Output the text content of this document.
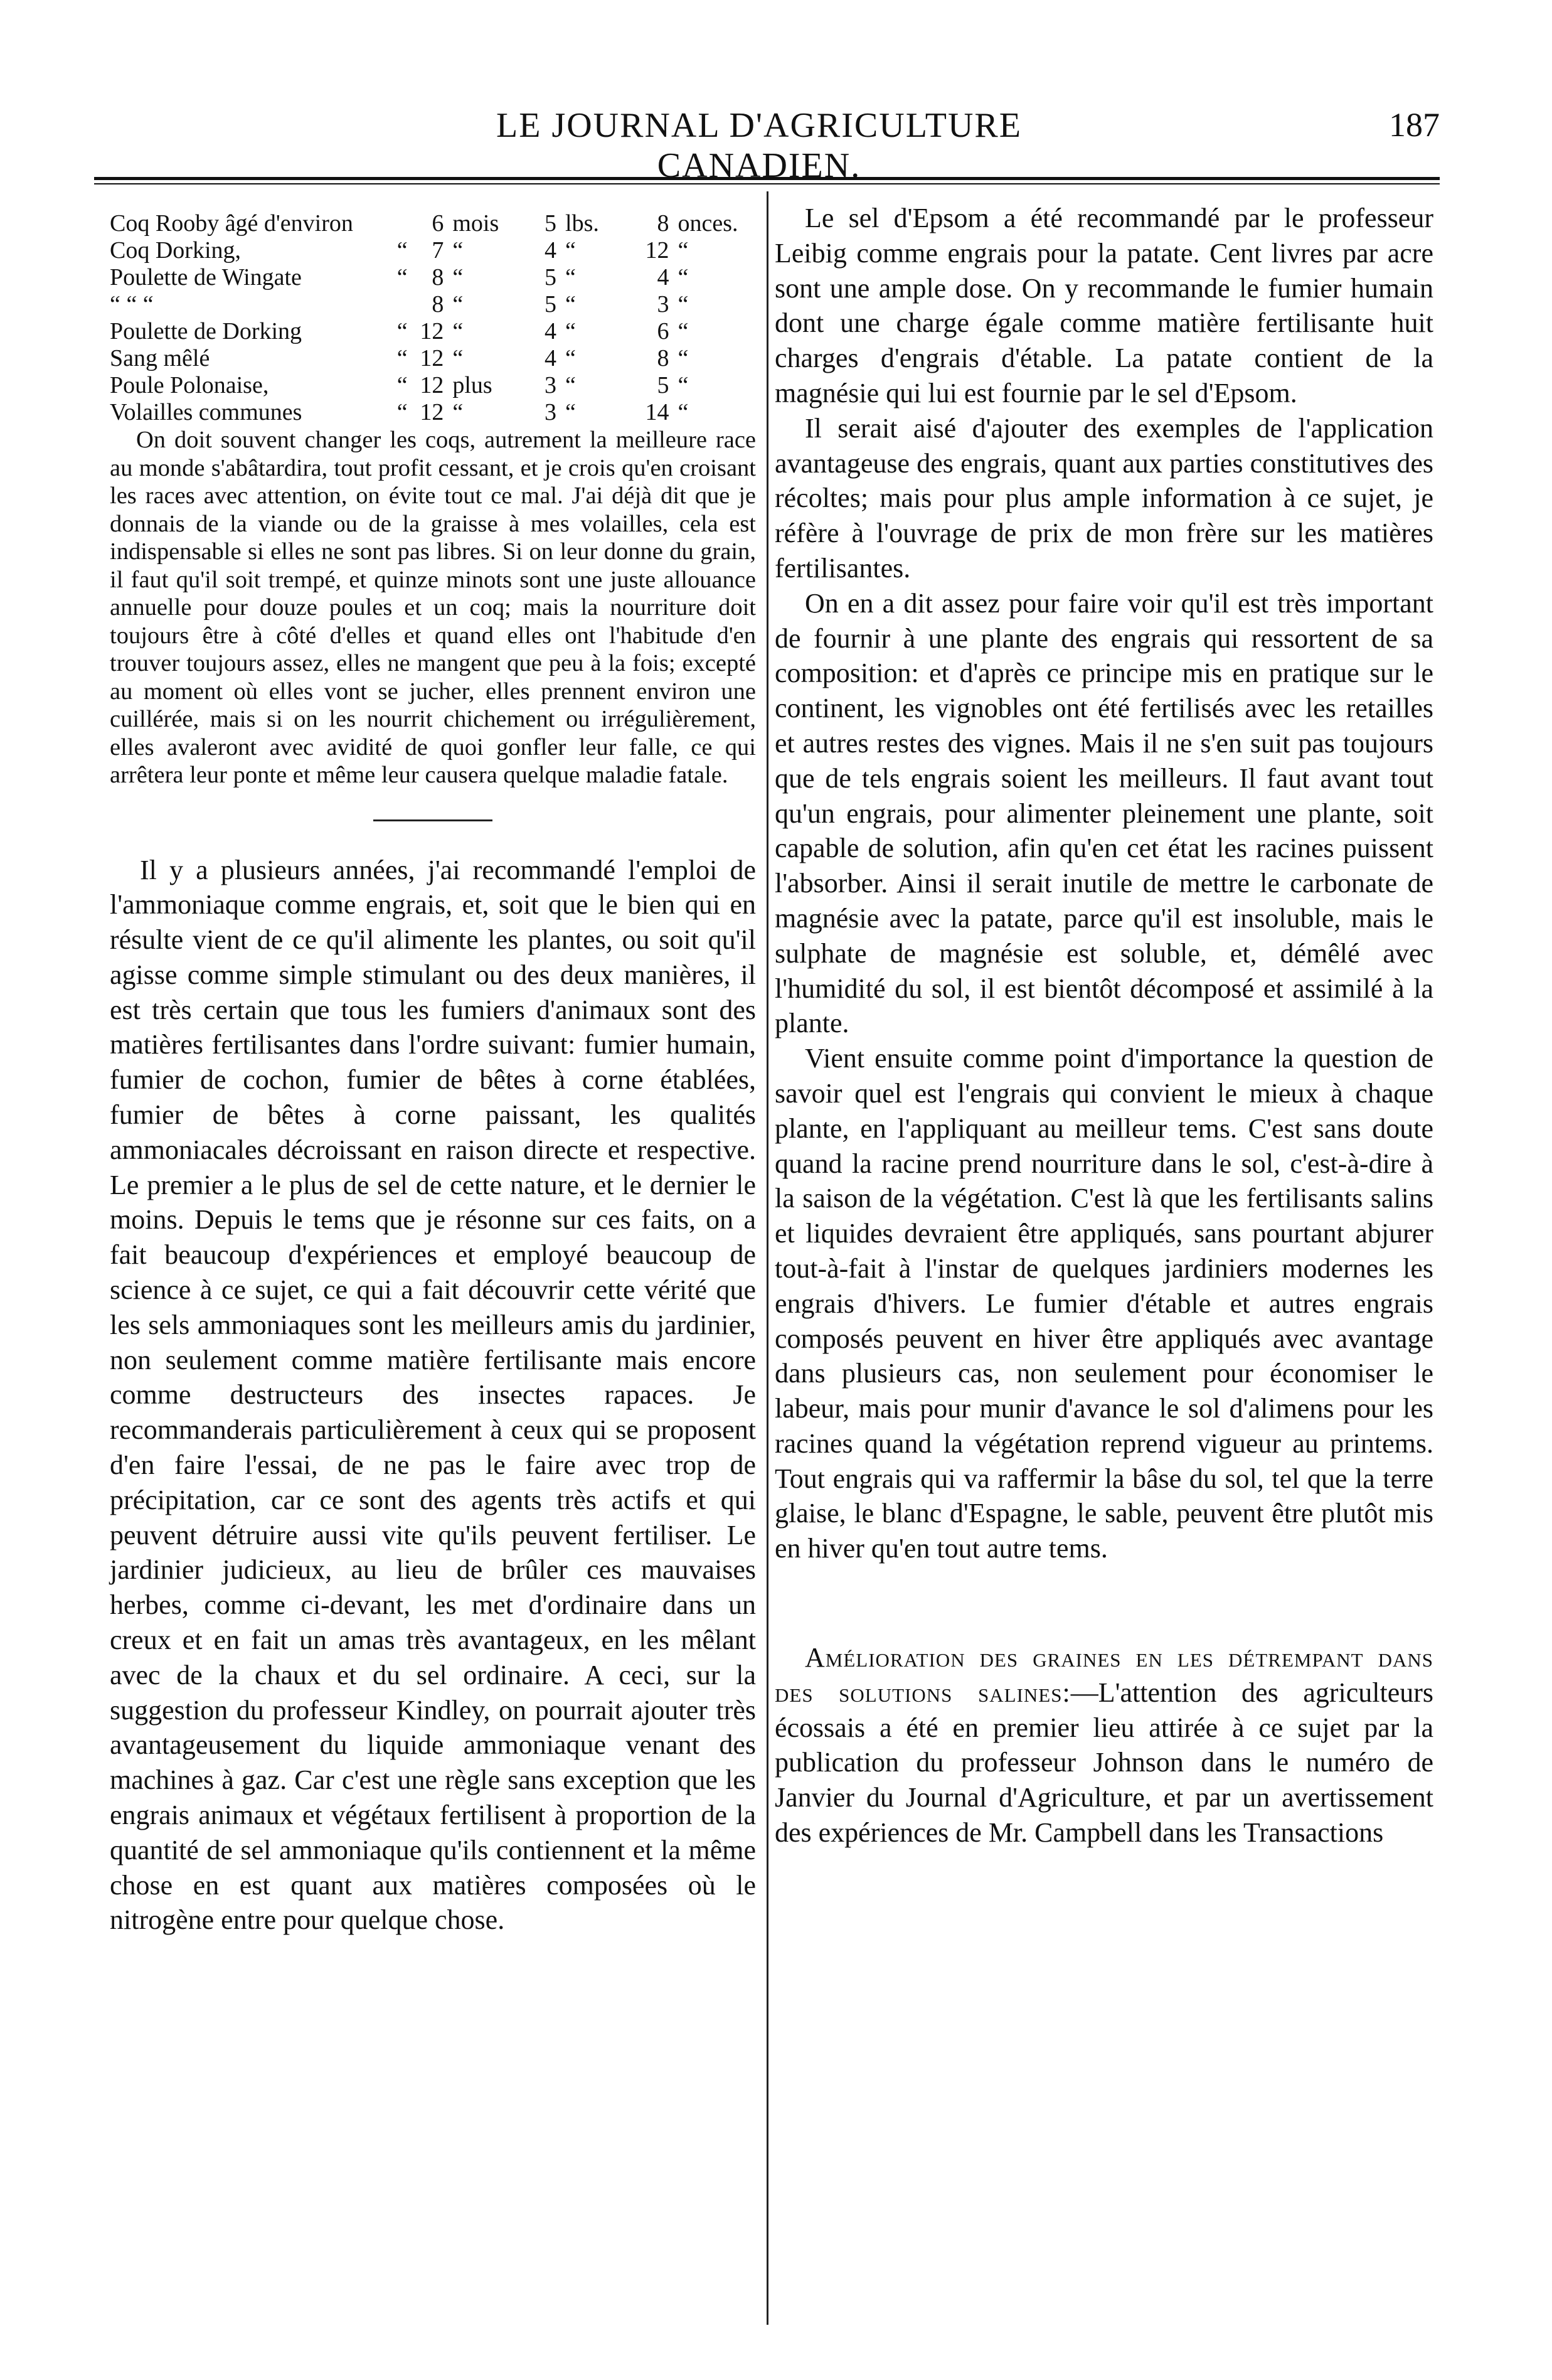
LE JOURNAL D'AGRICULTURE CANADIEN.
187
Coq Rooby âgé d'environ		6	mois	5	lbs.	8	onces.
Coq Dorking,	“	7	“	4	“	12	“
Poulette de Wingate	“	8	“	5	“	4	“
“ “ “		8	“	5	“	3	“
Poulette de Dorking	“	12	“	4	“	6	“
Sang mêlé	“	12	“	4	“	8	“
Poule Polonaise,	“	12	plus	3	“	5	“
Volailles communes	“	12	“	3	“	14	“

On doit souvent changer les coqs, autrement la meilleure race au monde s'abâtardira, tout profit cessant, et je crois qu'en croisant les races avec attention, on évite tout ce mal. J'ai déjà dit que je donnais de la viande ou de la graisse à mes volailles, cela est indispensable si elles ne sont pas libres. Si on leur donne du grain, il faut qu'il soit trempé, et quinze minots sont une juste allouance annuelle pour douze poules et un coq; mais la nourriture doit toujours être à côté d'elles et quand elles ont l'habitude d'en trouver toujours assez, elles ne mangent que peu à la fois; excepté au moment où elles vont se jucher, elles prennent environ une cuillérée, mais si on les nourrit chichement ou irrégulièrement, elles avaleront avec avidité de quoi gonfler leur falle, ce qui arrêtera leur ponte et même leur causera quelque maladie fatale.

Il y a plusieurs années, j'ai recommandé l'emploi de l'ammoniaque comme engrais, et, soit que le bien qui en résulte vient de ce qu'il alimente les plantes, ou soit qu'il agisse comme simple stimulant ou des deux manières, il est très certain que tous les fumiers d'animaux sont des matières fertilisantes dans l'ordre suivant: fumier humain, fumier de cochon, fumier de bêtes à corne établées, fumier de bêtes à corne paissant, les qualités ammoniacales décroissant en raison directe et respective. Le premier a le plus de sel de cette nature, et le dernier le moins. Depuis le tems que je résonne sur ces faits, on a fait beaucoup d'expériences et employé beaucoup de science à ce sujet, ce qui a fait découvrir cette vérité que les sels ammoniaques sont les meilleurs amis du jardinier, non seulement comme matière fertilisante mais encore comme destructeurs des insectes rapaces. Je recommanderais particulièrement à ceux qui se proposent d'en faire l'essai, de ne pas le faire avec trop de précipitation, car ce sont des agents très actifs et qui peuvent détruire aussi vite qu'ils peuvent fertiliser. Le jardinier judicieux, au lieu de brûler ces mauvaises herbes, comme ci-devant, les met d'ordinaire dans un creux et en fait un amas très avantageux, en les mêlant avec de la chaux et du sel ordinaire. A ceci, sur la suggestion du professeur Kindley, on pourrait ajouter très avantageusement du liquide ammoniaque venant des machines à gaz. Car c'est une règle sans exception que les engrais animaux et végétaux fertilisent à proportion de la quantité de sel ammoniaque qu'ils contiennent et la même chose en est quant aux matières composées où le nitrogène entre pour quelque chose.

Le sel d'Epsom a été recommandé par le professeur Leibig comme engrais pour la patate. Cent livres par acre sont une ample dose. On y recommande le fumier humain dont une charge égale comme matière fertilisante huit charges d'engrais d'étable. La patate contient de la magnésie qui lui est fournie par le sel d'Epsom.

Il serait aisé d'ajouter des exemples de l'application avantageuse des engrais, quant aux parties constitutives des récoltes; mais pour plus ample information à ce sujet, je réfère à l'ouvrage de prix de mon frère sur les matières fertilisantes.

On en a dit assez pour faire voir qu'il est très important de fournir à une plante des engrais qui ressortent de sa composition: et d'après ce principe mis en pratique sur le continent, les vignobles ont été fertilisés avec les retailles et autres restes des vignes. Mais il ne s'en suit pas toujours que de tels engrais soient les meilleurs. Il faut avant tout qu'un engrais, pour alimenter pleinement une plante, soit capable de solution, afin qu'en cet état les racines puissent l'absorber. Ainsi il serait inutile de mettre le carbonate de magnésie avec la patate, parce qu'il est insoluble, mais le sulphate de magnésie est soluble, et, démêlé avec l'humidité du sol, il est bientôt décomposé et assimilé à la plante.

Vient ensuite comme point d'importance la question de savoir quel est l'engrais qui convient le mieux à chaque plante, en l'appliquant au meilleur tems. C'est sans doute quand la racine prend nourriture dans le sol, c'est-à-dire à la saison de la végétation. C'est là que les fertilisants salins et liquides devraient être appliqués, sans pourtant abjurer tout-à-fait à l'instar de quelques jardiniers modernes les engrais d'hivers. Le fumier d'étable et autres engrais composés peuvent en hiver être appliqués avec avantage dans plusieurs cas, non seulement pour économiser le labeur, mais pour munir d'avance le sol d'alimens pour les racines quand la végétation reprend vigueur au printems. Tout engrais qui va raffermir la bâse du sol, tel que la terre glaise, le blanc d'Espagne, le sable, peuvent être plutôt mis en hiver qu'en tout autre tems.

Amélioration des graines en les détrempant dans des solutions salines:—L'attention des agriculteurs écossais a été en premier lieu attirée à ce sujet par la publication du professeur Johnson dans le numéro de Janvier du Journal d'Agriculture, et par un avertissement des expériences de Mr. Campbell dans les Transactions
